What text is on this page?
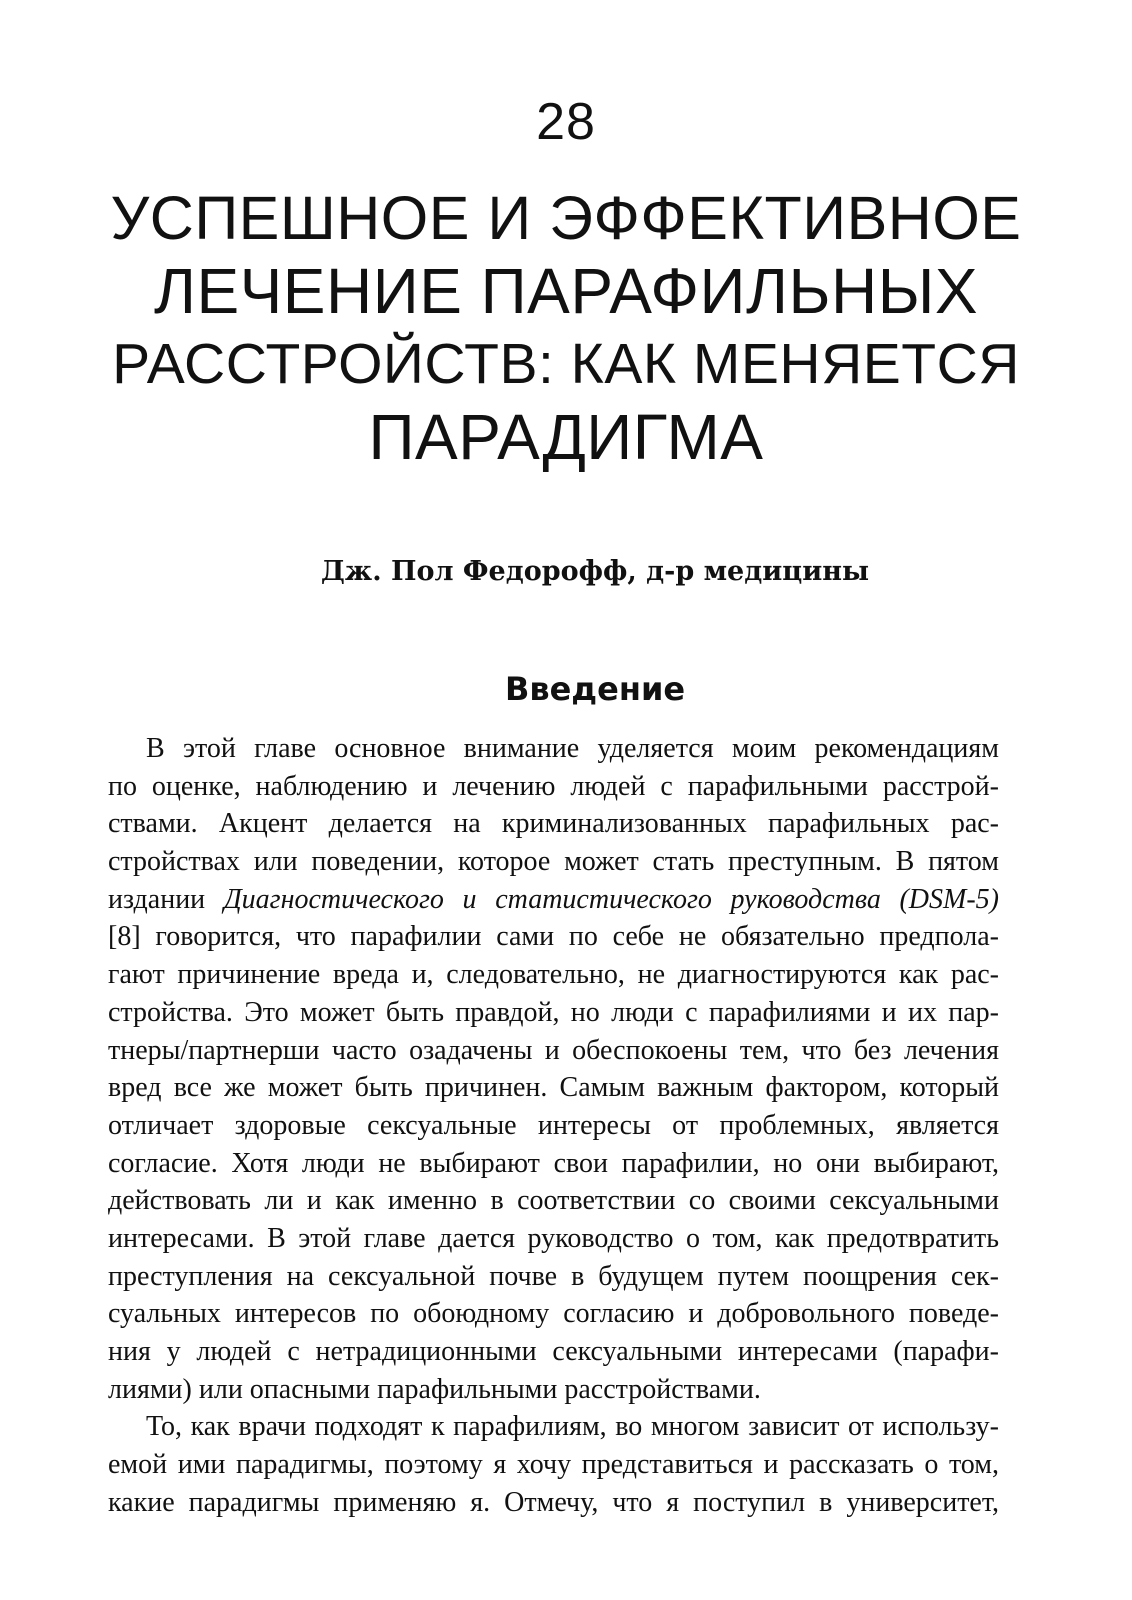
28
УСПЕШНОЕ И ЭФФЕКТИВНОЕ
ЛЕЧЕНИЕ ПАРАФИЛЬНЫХ
РАССТРОЙСТВ: КАК МЕНЯЕТСЯ
ПАРАДИГМА
Дж. Пол Федорофф, д-р медицины
Введение
В этой главе основное внимание уделяется моим рекомендациям
по оценке, наблюдению и лечению людей с парафильными расстрой-
ствами. Акцент делается на криминализованных парафильных рас-
стройствах или поведении, которое может стать преступным. В пятом
издании Диагностического и статистического руководства (DSM-5)
[8] говорится, что парафилии сами по себе не обязательно предпола-
гают причинение вреда и, следовательно, не диагностируются как рас-
стройства. Это может быть правдой, но люди с парафилиями и их пар-
тнеры/партнерши часто озадачены и обеспокоены тем, что без лечения
вред все же может быть причинен. Самым важным фактором, который
отличает здоровые сексуальные интересы от проблемных, является
согласие. Хотя люди не выбирают свои парафилии, но они выбирают,
действовать ли и как именно в соответствии со своими сексуальными
интересами. В этой главе дается руководство о том, как предотвратить
преступления на сексуальной почве в будущем путем поощрения сек-
суальных интересов по обоюдному согласию и добровольного поведе-
ния у людей с нетрадиционными сексуальными интересами (парафи-
лиями) или опасными парафильными расстройствами.
То, как врачи подходят к парафилиям, во многом зависит от использу-
емой ими парадигмы, поэтому я хочу представиться и рассказать о том,
какие парадигмы применяю я. Отмечу, что я поступил в университет,
